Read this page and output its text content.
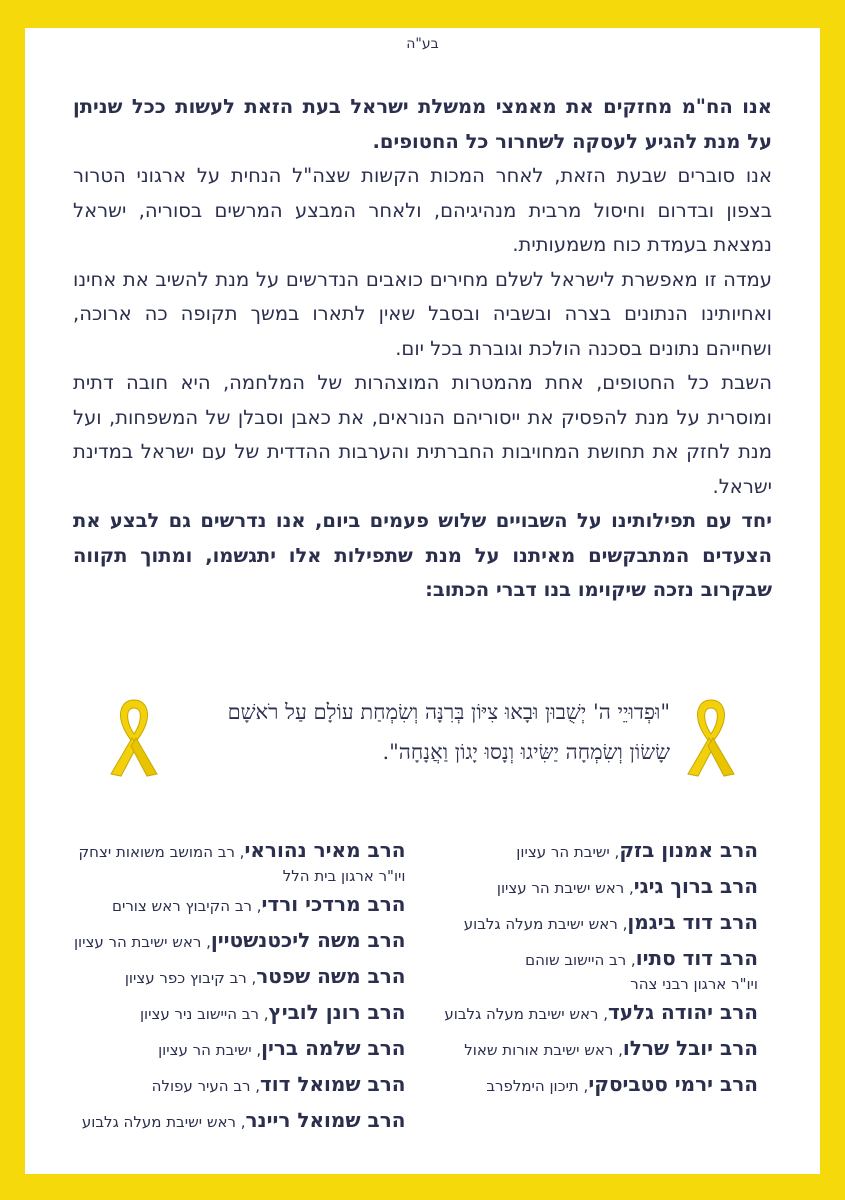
בע"ה

אנו הח"מ מחזקים את מאמצי ממשלת ישראל בעת הזאת לעשות ככל שניתן על מנת להגיע לעסקה לשחרור כל החטופים.

אנו סוברים שבעת הזאת, לאחר המכות הקשות שצה"ל הנחית על ארגוני הטרור בצפון ובדרום וחיסול מרבית מנהיגיהם, ולאחר המבצע המרשים בסוריה, ישראל נמצאת בעמדת כוח משמעותית.

עמדה זו מאפשרת לישראל לשלם מחירים כואבים הנדרשים על מנת להשיב את אחינו ואחיותינו הנתונים בצרה ובשביה ובסבל שאין לתארו במשך תקופה כה ארוכה, ושחייהם נתונים בסכנה הולכת וגוברת בכל יום.

השבת כל החטופים, אחת מהמטרות המוצהרות של המלחמה, היא חובה דתית ומוסרית על מנת להפסיק את ייסוריהם הנוראים, את כאבן וסבלן של המשפחות, ועל מנת לחזק את תחושת המחויבות החברתית והערבות ההדדית של עם ישראל במדינת ישראל.

יחד עם תפילותינו על השבויים שלוש פעמים ביום, אנו נדרשים גם לבצע את הצעדים המתבקשים מאיתנו על מנת שתפילות אלו יתגשמו, ומתוך תקווה שבקרוב נזכה שיקוימו בנו דברי הכתוב:

"וּפְדוּיֵי ה' יְשֻׁבוּן וּבָאוּ צִיּוֹן בְּרִנָּה וְשִׂמְחַת עוֹלָם עַל רֹאשָׁם

שָׂשׂוֹן וְשִׂמְחָה יַשִּׂיגוּ וְנָסוּ יָגוֹן וַאֲנָחָה".

הרב אמנון בזק, ישיבת הר עציון
הרב ברוך גיגי, ראש ישיבת הר עציון
הרב דוד ביגמן, ראש ישיבת מעלה גלבוע
הרב דוד סתיו, רב היישוב שוהם
ויו"ר ארגון רבני צהר
הרב יהודה גלעד, ראש ישיבת מעלה גלבוע
הרב יובל שרלו, ראש ישיבת אורות שאול
הרב ירמי סטביסקי, תיכון הימלפרב
הרב מאיר נהוראי, רב המושב משואות יצחק
ויו"ר ארגון בית הלל
הרב מרדכי ורדי, רב הקיבוץ ראש צורים
הרב משה ליכטנשטיין, ראש ישיבת הר עציון
הרב משה שפטר, רב קיבוץ כפר עציון
הרב רונן לוביץ, רב היישוב ניר עציון
הרב שלמה ברין, ישיבת הר עציון
הרב שמואל דוד, רב העיר עפולה
הרב שמואל ריינר, ראש ישיבת מעלה גלבוע
